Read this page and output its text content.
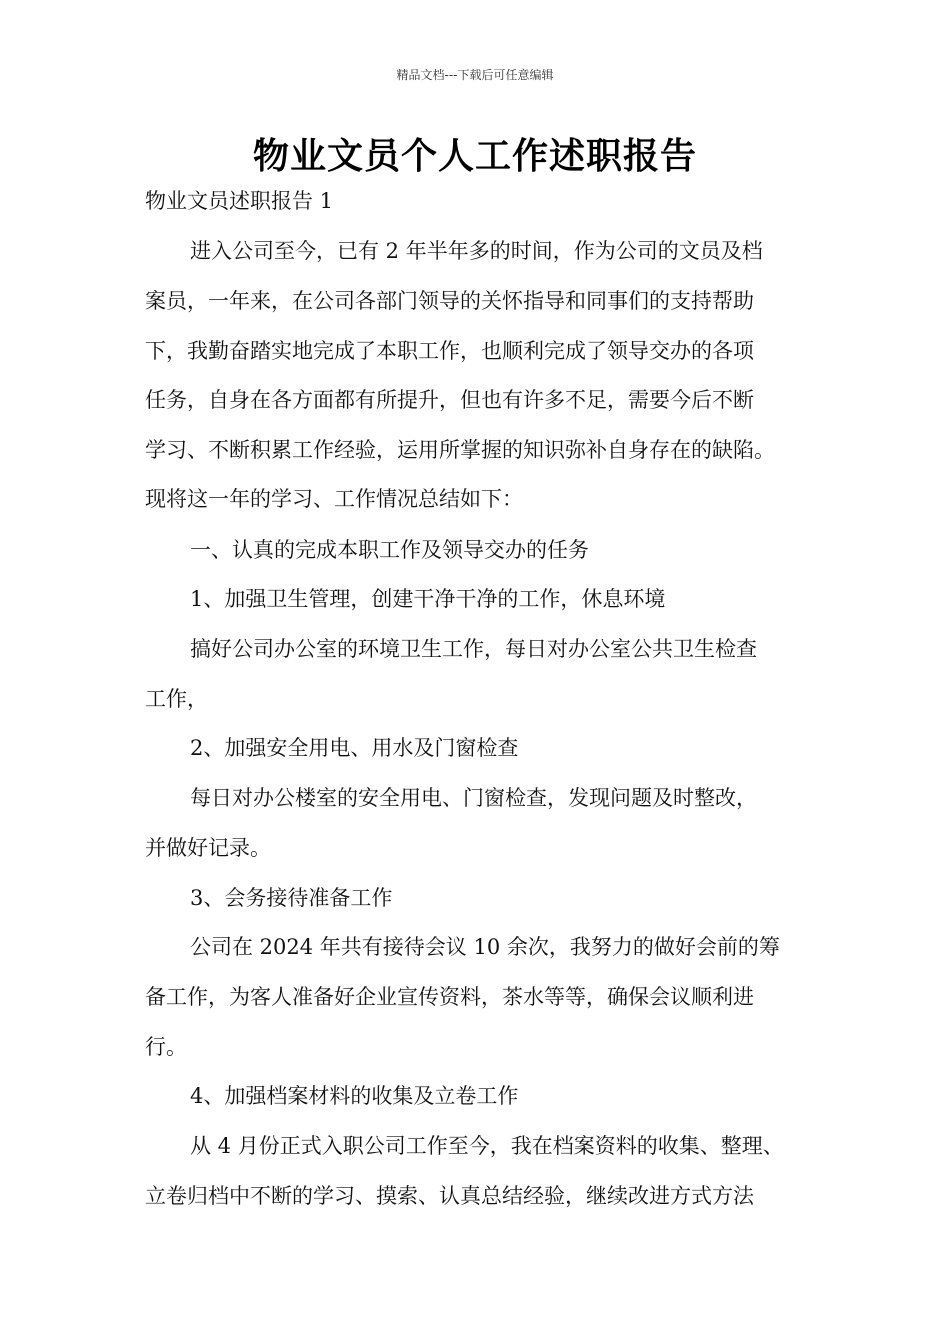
精品文档---下载后可任意编辑
物业文员个人工作述职报告
物业文员述职报告 1
进入公司至今，已有 2 年半年多的时间，作为公司的文员及档
案员，一年来，在公司各部门领导的关怀指导和同事们的支持帮助
下，我勤奋踏实地完成了本职工作，也顺利完成了领导交办的各项
任务，自身在各方面都有所提升，但也有许多不足，需要今后不断
学习、不断积累工作经验，运用所掌握的知识弥补自身存在的缺陷。
现将这一年的学习、工作情况总结如下：
一、认真的完成本职工作及领导交办的任务
1、加强卫生管理，创建干净干净的工作，休息环境
搞好公司办公室的环境卫生工作，每日对办公室公共卫生检查
工作，
2、加强安全用电、用水及门窗检查
每日对办公楼室的安全用电、门窗检查，发现问题及时整改，
并做好记录。
3、会务接待准备工作
公司在 2024 年共有接待会议 10 余次，我努力的做好会前的筹
备工作，为客人准备好企业宣传资料，茶水等等，确保会议顺利进
行。
4、加强档案材料的收集及立卷工作
从 4 月份正式入职公司工作至今，我在档案资料的收集、整理、
立卷归档中不断的学习、摸索、认真总结经验，继续改进方式方法
